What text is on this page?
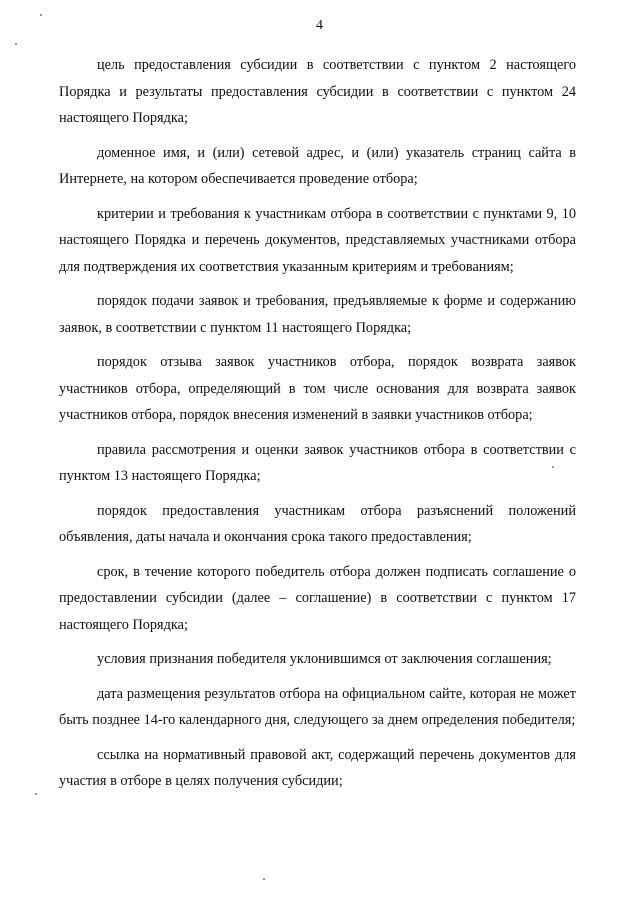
4

цель предоставления субсидии в соответствии с пунктом 2 настоящего Порядка и результаты предоставления субсидии в соответствии с пунктом 24 настоящего Порядка;

доменное имя, и (или) сетевой адрес, и (или) указатель страниц сайта в Интернете, на котором обеспечивается проведение отбора;

критерии и требования к участникам отбора в соответствии с пунктами 9, 10 настоящего Порядка и перечень документов, представляемых участниками отбора для подтверждения их соответствия указанным критериям и требованиям;

порядок подачи заявок и требования, предъявляемые к форме и содержанию заявок, в соответствии с пунктом 11 настоящего Порядка;

порядок отзыва заявок участников отбора, порядок возврата заявок участников отбора, определяющий в том числе основания для возврата заявок участников отбора, порядок внесения изменений в заявки участников отбора;

правила рассмотрения и оценки заявок участников отбора в соответствии с пунктом 13 настоящего Порядка;

порядок предоставления участникам отбора разъяснений положений объявления, даты начала и окончания срока такого предоставления;

срок, в течение которого победитель отбора должен подписать соглашение о предоставлении субсидии (далее – соглашение) в соответствии с пунктом 17 настоящего Порядка;

условия признания победителя уклонившимся от заключения соглашения;

дата размещения результатов отбора на официальном сайте, которая не может быть позднее 14-го календарного дня, следующего за днем определения победителя;

ссылка на нормативный правовой акт, содержащий перечень документов для участия в отборе в целях получения субсидии;
